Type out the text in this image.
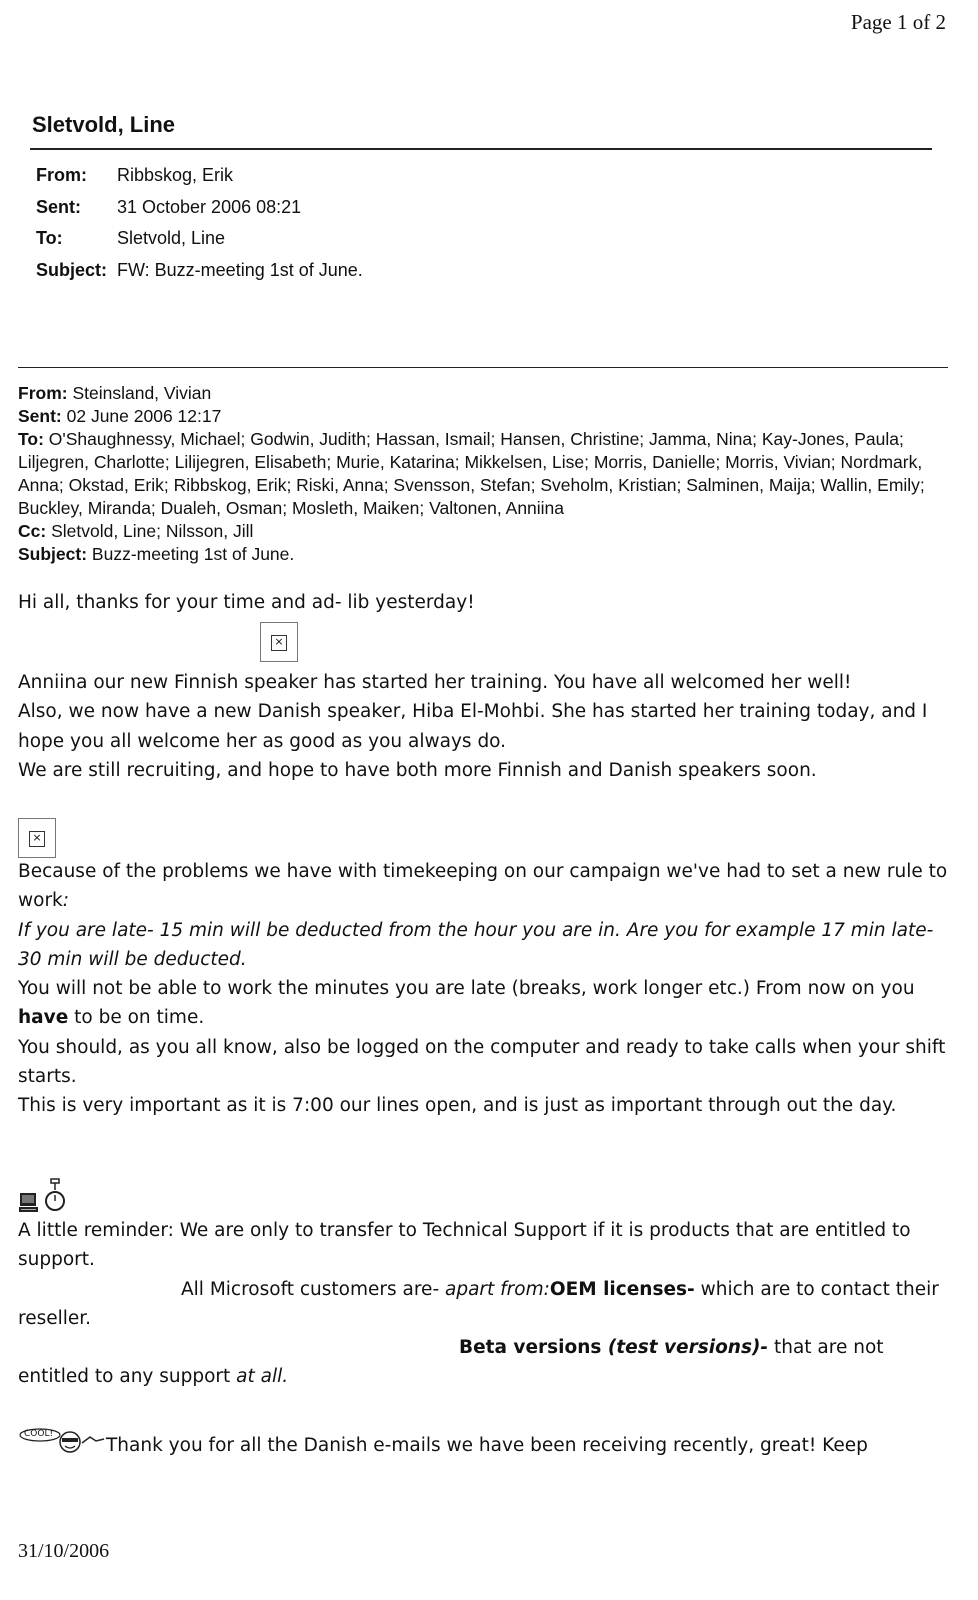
Page 1 of 2
Sletvold, Line
From:	Ribbskog, Erik
Sent:	31 October 2006 08:21
To:	Sletvold, Line
Subject:	FW: Buzz-meeting 1st of June.
From: Steinsland, Vivian
Sent: 02 June 2006 12:17
To: O'Shaughnessy, Michael; Godwin, Judith; Hassan, Ismail; Hansen, Christine; Jamma, Nina; Kay-Jones, Paula; Liljegren, Charlotte; Lilijegren, Elisabeth; Murie, Katarina; Mikkelsen, Lise; Morris, Danielle; Morris, Vivian; Nordmark, Anna; Okstad, Erik; Ribbskog, Erik; Riski, Anna; Svensson, Stefan; Sveholm, Kristian; Salminen, Maija; Wallin, Emily; Buckley, Miranda; Dualeh, Osman; Mosleth, Maiken; Valtonen, Anniina
Cc: Sletvold, Line; Nilsson, Jill
Subject: Buzz-meeting 1st of June.
Hi all, thanks for your time and ad- lib yesterday!
×
Anniina our new Finnish speaker has started her training. You have all welcomed her well!
Also, we now have a new Danish speaker, Hiba El-Mohbi. She has started her training today, and I hope you all welcome her as good as you always do.
We are still recruiting, and hope to have both more Finnish and Danish speakers soon.
×
Because of the problems we have with timekeeping on our campaign we've had to set a new rule to work:
If you are late- 15 min will be deducted from the hour you are in. Are you for example 17 min late- 30 min will be deducted.
You will not be able to work the minutes you are late (breaks, work longer etc.) From now on you have to be on time.
You should, as you all know, also be logged on the computer and ready to take calls when your shift starts.
This is very important as it is 7:00 our lines open, and is just as important through out the day.

A little reminder: We are only to transfer to Technical Support if it is products that are entitled to support.
All Microsoft customers are- apart from:OEM licenses- which are to contact their reseller.
Beta versions (test versions)- that are not entitled to any support at all.
COOL!
Thank you for all the Danish e-mails we have been receiving recently, great! Keep
31/10/2006
